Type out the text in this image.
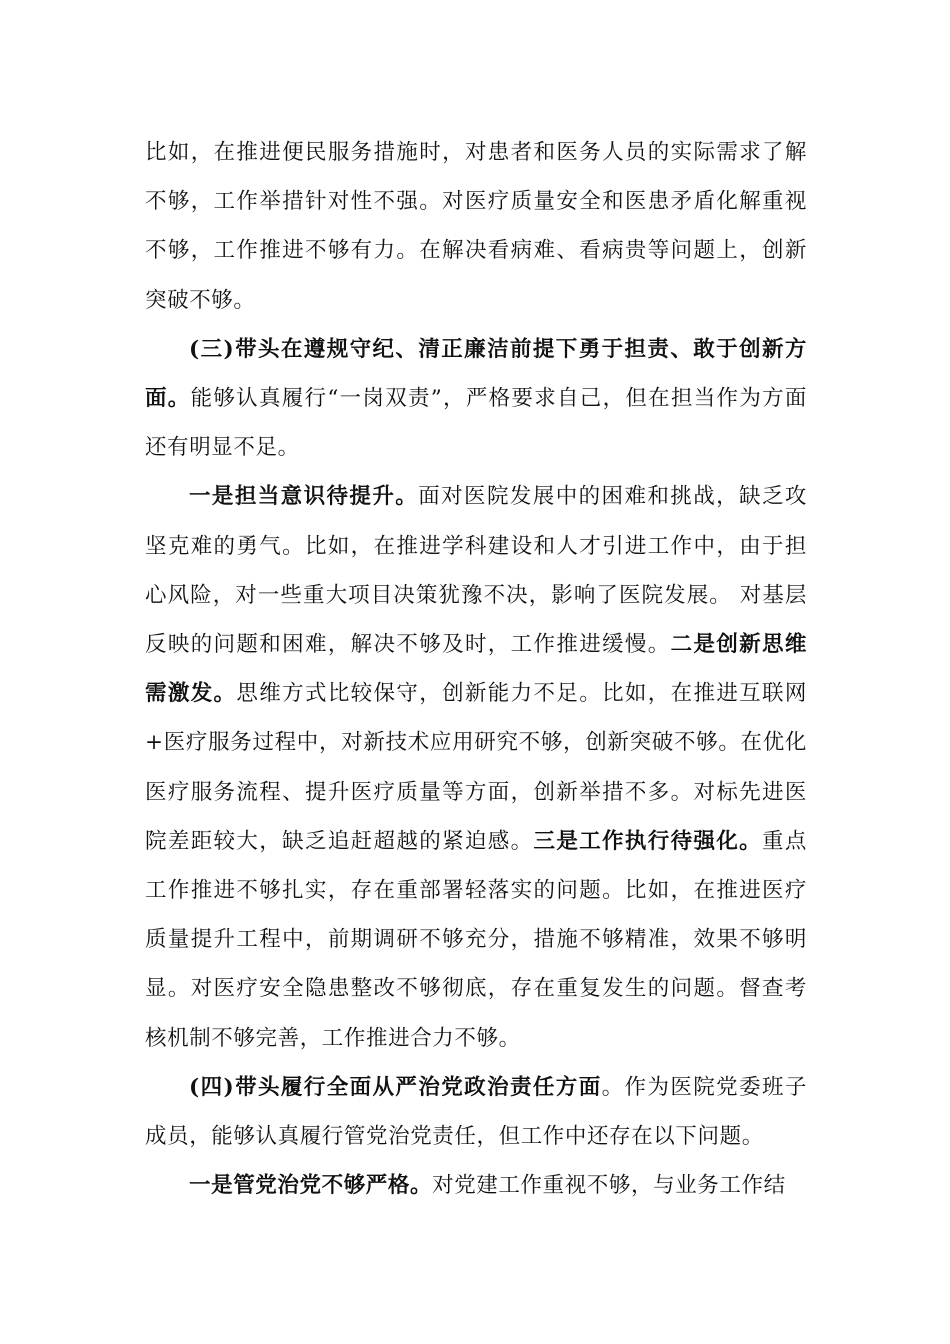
比如，在推进便民服务措施时，对患者和医务人员的实际需求了解不够，工作举措针对性不强。对医疗质量安全和医患矛盾化解重视不够，工作推进不够有力。在解决看病难、看病贵等问题上，创新突破不够。

(三)带头在遵规守纪、清正廉洁前提下勇于担责、敢于创新方面。能够认真履行“一岗双责”，严格要求自己，但在担当作为方面还有明显不足。

一是担当意识待提升。面对医院发展中的困难和挑战，缺乏攻坚克难的勇气。比如，在推进学科建设和人才引进工作中，由于担心风险，对一些重大项目决策犹豫不决，影响了医院发展。 对基层反映的问题和困难，解决不够及时，工作推进缓慢。二是创新思维需激发。思维方式比较保守，创新能力不足。比如，在推进互联网+医疗服务过程中，对新技术应用研究不够，创新突破不够。在优化医疗服务流程、提升医疗质量等方面，创新举措不多。对标先进医院差距较大，缺乏追赶超越的紧迫感。三是工作执行待强化。重点工作推进不够扎实，存在重部署轻落实的问题。比如，在推进医疗质量提升工程中，前期调研不够充分，措施不够精准，效果不够明显。对医疗安全隐患整改不够彻底，存在重复发生的问题。督查考核机制不够完善，工作推进合力不够。

(四)带头履行全面从严治党政治责任方面。作为医院党委班子成员，能够认真履行管党治党责任，但工作中还存在以下问题。

一是管党治党不够严格。对党建工作重视不够，与业务工作结
